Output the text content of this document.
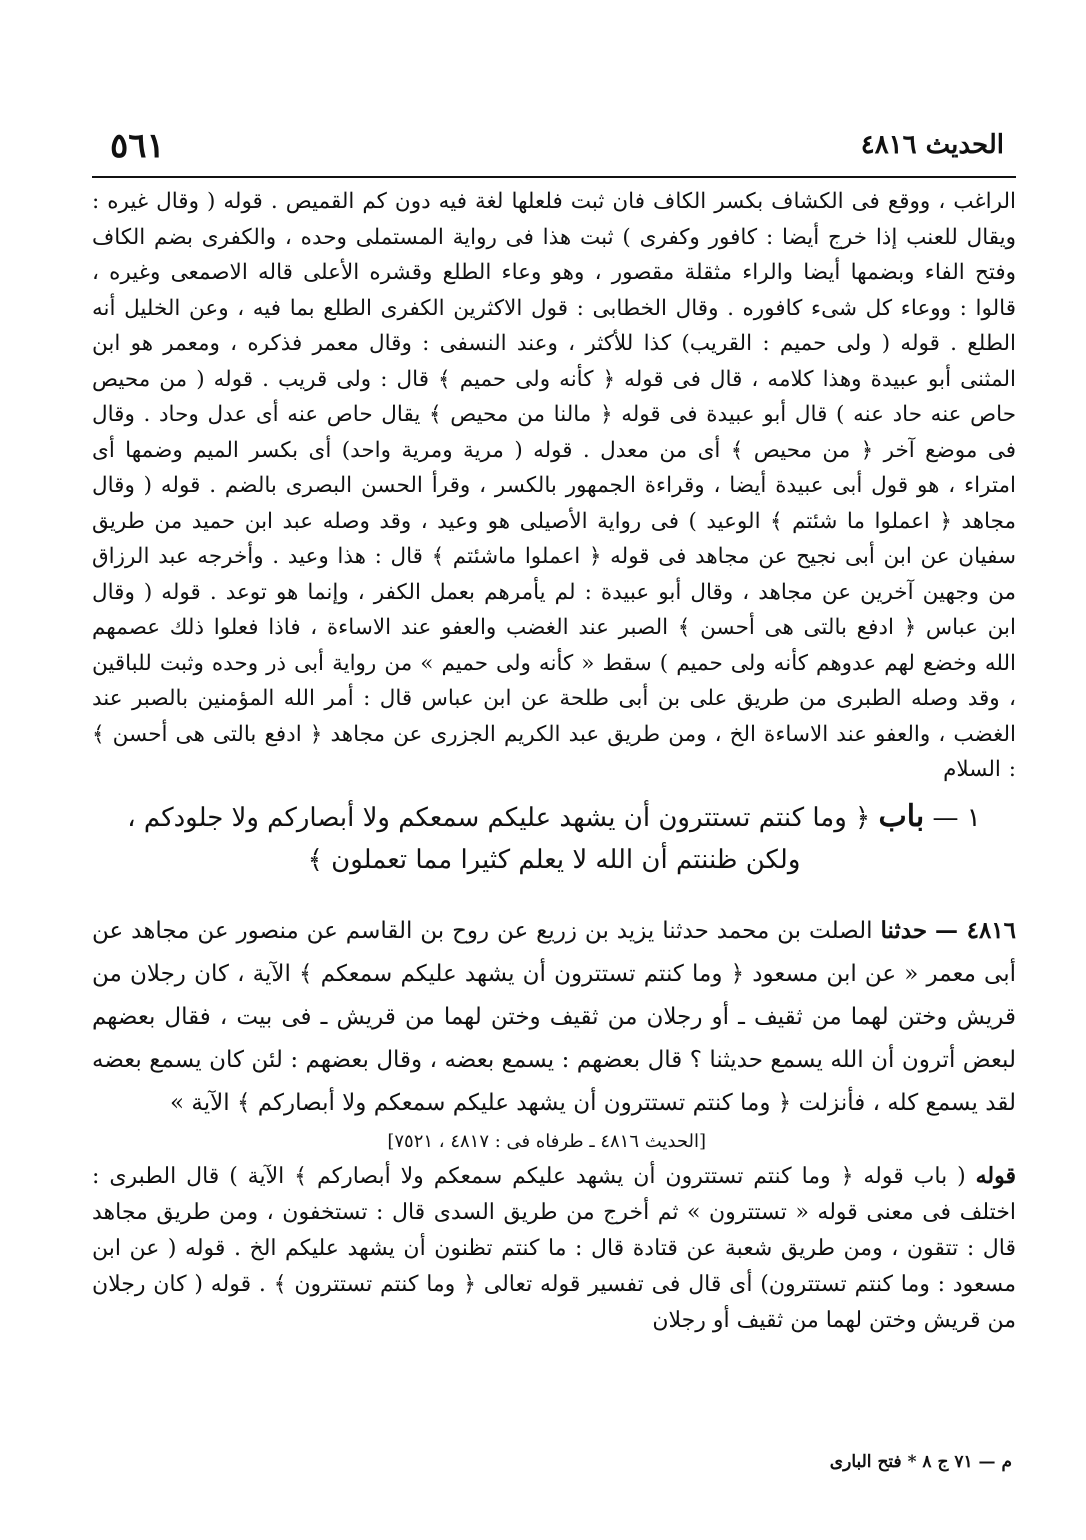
الحديث ٤٨١٦
٥٦١

الراغب ، ووقع فى الكشاف بكسر الكاف فان ثبت فلعلها لغة فيه دون كم القميص . قوله ( وقال غيره : ويقال للعنب إذا خرج أيضا : كافور وكفرى ) ثبت هذا فى رواية المستملى وحده ، والكفرى بضم الكاف وفتح الفاء وبضمها أيضا والراء مثقلة مقصور ، وهو وعاء الطلع وقشره الأعلى قاله الاصمعى وغيره ، قالوا : ووعاء كل شىء كافوره . وقال الخطابى : قول الاكثرين الكفرى الطلع بما فيه ، وعن الخليل أنه الطلع . قوله ( ولى حميم : القريب) كذا للأكثر ، وعند النسفى : وقال معمر فذكره ، ومعمر هو ابن المثنى أبو عبيدة وهذا كلامه ، قال فى قوله ﴿ كأنه ولى حميم ﴾ قال : ولى قريب . قوله ( من محيص حاص عنه حاد عنه ) قال أبو عبيدة فى قوله ﴿ مالنا من محيص ﴾ يقال حاص عنه أى عدل وحاد . وقال فى موضع آخر ﴿ من محيص ﴾ أى من معدل . قوله ( مرية ومرية واحد) أى بكسر الميم وضمها أى امتراء ، هو قول أبى عبيدة أيضا ، وقراءة الجمهور بالكسر ، وقرأ الحسن البصرى بالضم . قوله ( وقال مجاهد ﴿ اعملوا ما شئتم ﴾ الوعيد ) فى رواية الأصيلى هو وعيد ، وقد وصله عبد ابن حميد من طريق سفيان عن ابن أبى نجيح عن مجاهد فى قوله ﴿ اعملوا ماشئتم ﴾ قال : هذا وعيد . وأخرجه عبد الرزاق من وجهين آخرين عن مجاهد ، وقال أبو عبيدة : لم يأمرهم بعمل الكفر ، وإنما هو توعد . قوله ( وقال ابن عباس ﴿ ادفع بالتى هى أحسن ﴾ الصبر عند الغضب والعفو عند الاساءة ، فاذا فعلوا ذلك عصمهم الله وخضع لهم عدوهم كأنه ولى حميم ) سقط « كأنه ولى حميم » من رواية أبى ذر وحده وثبت للباقين ، وقد وصله الطبرى من طريق على بن أبى طلحة عن ابن عباس قال : أمر الله المؤمنين بالصبر عند الغضب ، والعفو عند الاساءة الخ ، ومن طريق عبد الكريم الجزرى عن مجاهد ﴿ ادفع بالتى هى أحسن ﴾ : السلام

١ — باب ﴿ وما كنتم تستترون أن يشهد عليكم سمعكم ولا أبصاركم ولا جلودكم ،
ولكن ظننتم أن الله لا يعلم كثيرا مما تعملون ﴾

٤٨١٦ — حدثنا الصلت بن محمد حدثنا يزيد بن زريع عن روح بن القاسم عن منصور عن مجاهد عن أبى معمر « عن ابن مسعود ﴿ وما كنتم تستترون أن يشهد عليكم سمعكم ﴾ الآية ، كان رجلان من قريش وختن لهما من ثقيف ـ أو رجلان من ثقيف وختن لهما من قريش ـ فى بيت ، فقال بعضهم لبعض أترون أن الله يسمع حديثنا ؟ قال بعضهم : يسمع بعضه ، وقال بعضهم : لئن كان يسمع بعضه لقد يسمع كله ، فأنزلت ﴿ وما كنتم تستترون أن يشهد عليكم سمعكم ولا أبصاركم ﴾ الآية »

[الحديث ٤٨١٦ ـ طرفاه فى : ٤٨١٧ ، ٧٥٢١]

قوله ( باب قوله ﴿ وما كنتم تستترون أن يشهد عليكم سمعكم ولا أبصاركم ﴾ الآية ) قال الطبرى : اختلف فى معنى قوله « تستترون » ثم أخرج من طريق السدى قال : تستخفون ، ومن طريق مجاهد قال : تتقون ، ومن طريق شعبة عن قتادة قال : ما كنتم تظنون أن يشهد عليكم الخ . قوله ( عن ابن مسعود : وما كنتم تستترون) أى قال فى تفسير قوله تعالى ﴿ وما كنتم تستترون ﴾ . قوله ( كان رجلان من قريش وختن لهما من ثقيف أو رجلان

م — ٧١ ج ٨ * فتح البارى
